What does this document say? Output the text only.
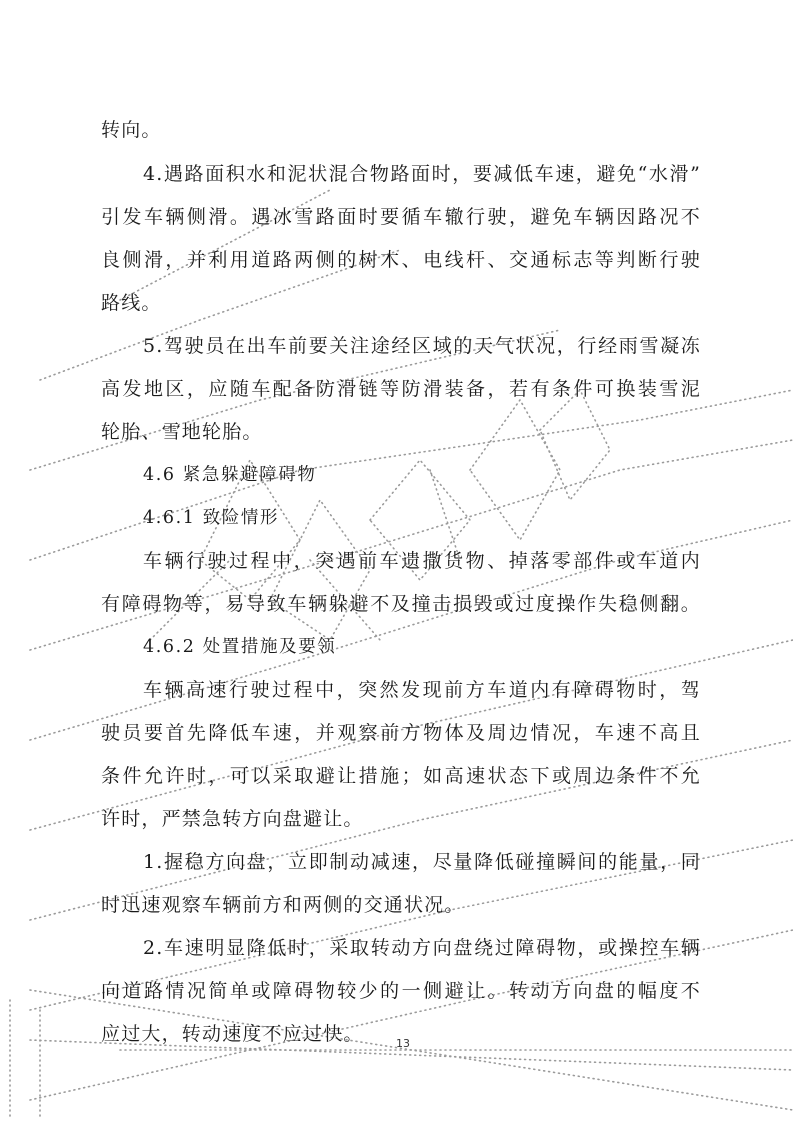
转向。
4.遇路面积水和泥状混合物路面时，要减低车速，避免“水滑”
引发车辆侧滑。遇冰雪路面时要循车辙行驶，避免车辆因路况不
良侧滑，并利用道路两侧的树木、电线杆、交通标志等判断行驶
路线。
5.驾驶员在出车前要关注途经区域的天气状况，行经雨雪凝冻
高发地区，应随车配备防滑链等防滑装备，若有条件可换装雪泥
轮胎、雪地轮胎。
4.6 紧急躲避障碍物
4.6.1 致险情形
车辆行驶过程中，突遇前车遗撒货物、掉落零部件或车道内
有障碍物等，易导致车辆躲避不及撞击损毁或过度操作失稳侧翻。
4.6.2 处置措施及要领
车辆高速行驶过程中，突然发现前方车道内有障碍物时，驾
驶员要首先降低车速，并观察前方物体及周边情况，车速不高且
条件允许时，可以采取避让措施；如高速状态下或周边条件不允
许时，严禁急转方向盘避让。
1.握稳方向盘，立即制动减速，尽量降低碰撞瞬间的能量，同
时迅速观察车辆前方和两侧的交通状况。
2.车速明显降低时，采取转动方向盘绕过障碍物，或操控车辆
向道路情况简单或障碍物较少的一侧避让。转动方向盘的幅度不
应过大，转动速度不应过快。	13
